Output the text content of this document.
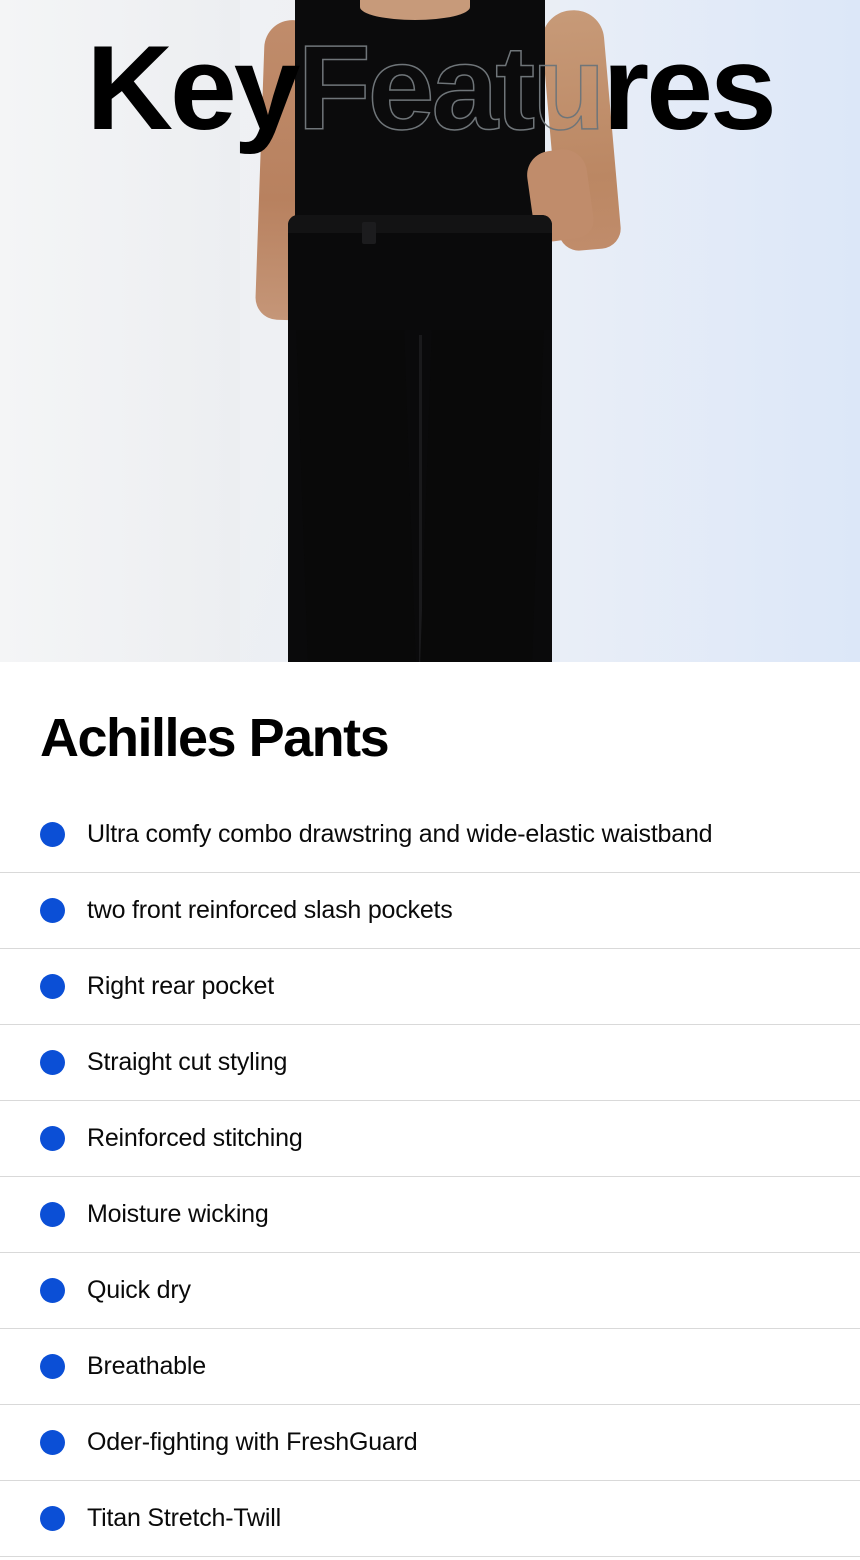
Key	res
Achilles Pants
Ultra comfy combo drawstring and wide-elastic waistband
two front reinforced slash pockets
Right rear pocket
Straight cut styling
Reinforced stitching
Moisture wicking
Quick dry
Breathable
Oder-fighting with FreshGuard
Titan Stretch-Twill
